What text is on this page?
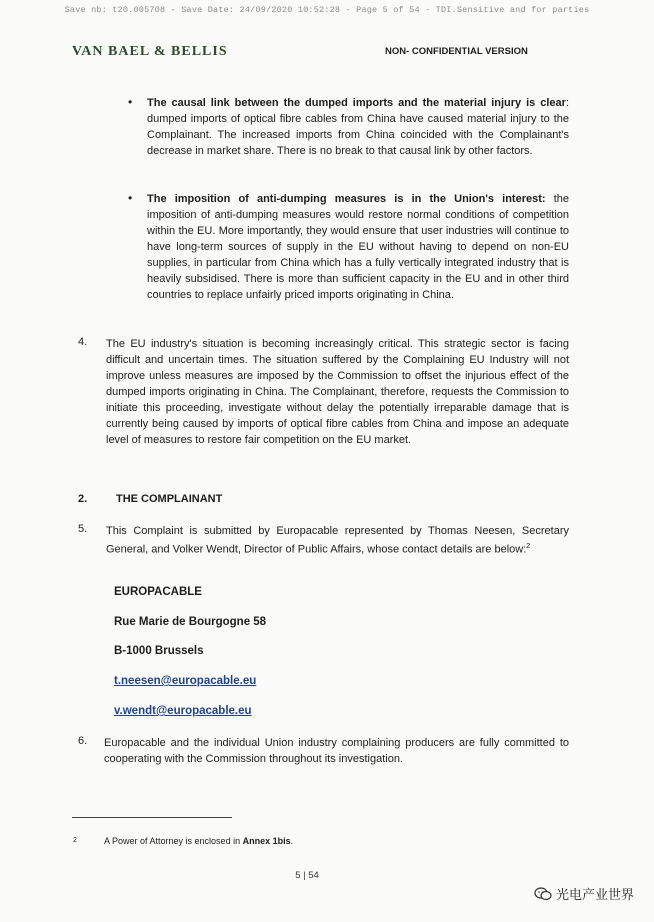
Save nb: t20.005708 - Save Date: 24/09/2020 10:52:28 - Page 5 of 54 - TDI.Sensitive and for parties
VAN BAEL & BELLIS	NON- CONFIDENTIAL VERSION
• The causal link between the dumped imports and the material injury is clear: dumped imports of optical fibre cables from China have caused material injury to the Complainant. The increased imports from China coincided with the Complainant's decrease in market share. There is no break to that causal link by other factors.
• The imposition of anti-dumping measures is in the Union's interest: the imposition of anti-dumping measures would restore normal conditions of competition within the EU. More importantly, they would ensure that user industries will continue to have long-term sources of supply in the EU without having to depend on non-EU supplies, in particular from China which has a fully vertically integrated industry that is heavily subsidised. There is more than sufficient capacity in the EU and in other third countries to replace unfairly priced imports originating in China.
4. The EU industry's situation is becoming increasingly critical. This strategic sector is facing difficult and uncertain times. The situation suffered by the Complaining EU Industry will not improve unless measures are imposed by the Commission to offset the injurious effect of the dumped imports originating in China. The Complainant, therefore, requests the Commission to initiate this proceeding, investigate without delay the potentially irreparable damage that is currently being caused by imports of optical fibre cables from China and impose an adequate level of measures to restore fair competition on the EU market.
2.	THE COMPLAINANT
5. This Complaint is submitted by Europacable represented by Thomas Neesen, Secretary General, and Volker Wendt, Director of Public Affairs, whose contact details are below:$^2$
EUROPACABLE
Rue Marie de Bourgogne 58
B-1000 Brussels
t.neesen@europacable.eu
v.wendt@europacable.eu
6. Europacable and the individual Union industry complaining producers are fully committed to cooperating with the Commission throughout its investigation.
2	A Power of Attorney is enclosed in Annex 1bis.
5 | 54
光电产业世界
